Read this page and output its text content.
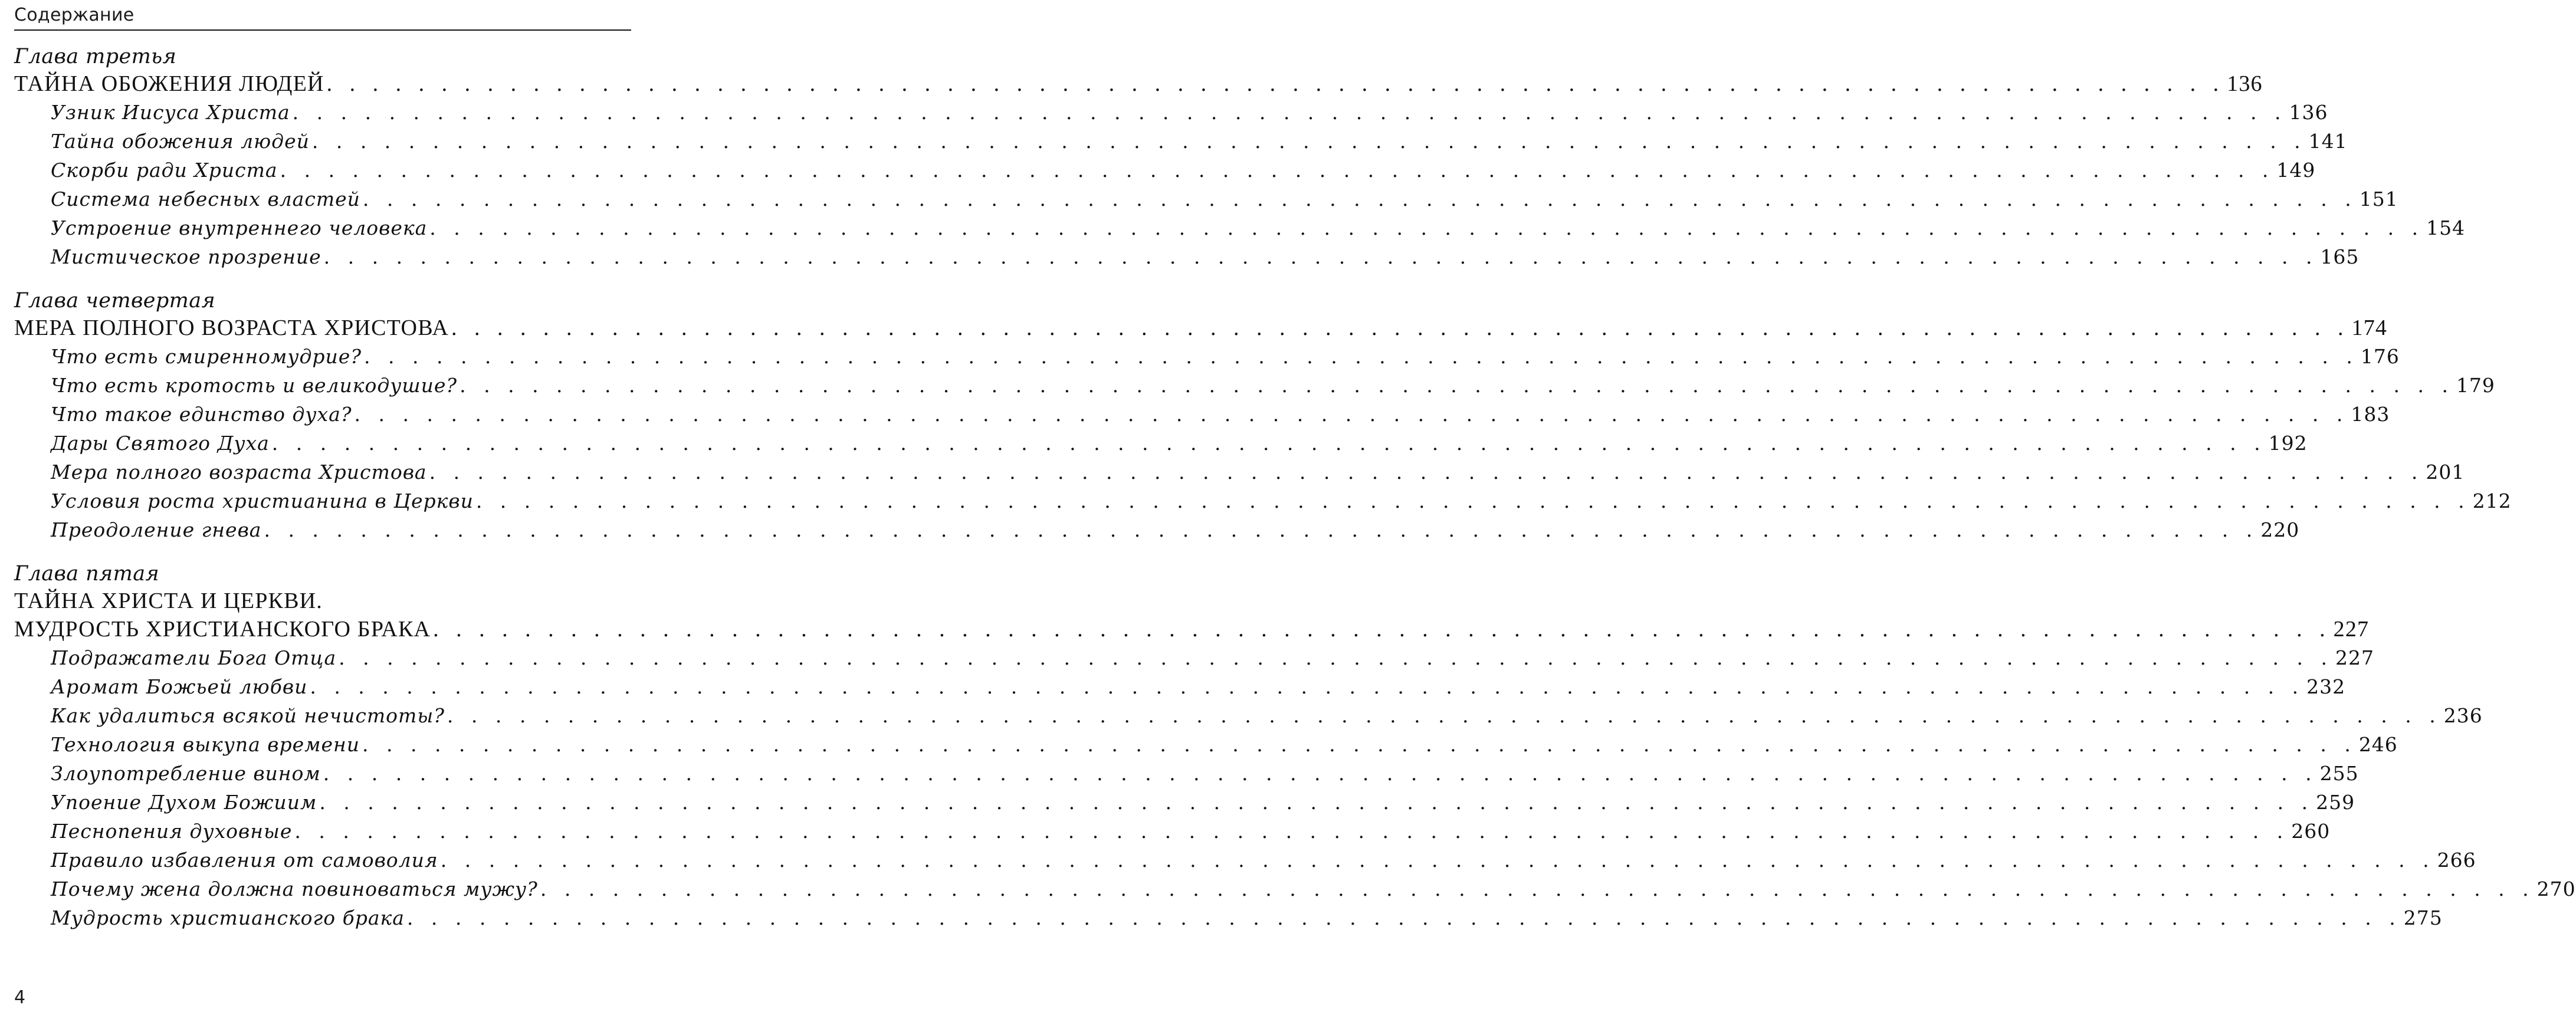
Содержание
Глава третья
ТАЙНА ОБОЖЕНИЯ ЛЮДЕЙ . . . . . . . . . . . . . . . . . . . . . . . . . . . . . . . . . . . . . . . . . . . . . . . . . . . . . . . . . . . . . . . . . . . . . . . . . . . . . . . . . . . 136
Узник Иисуса Христа . . . . . . . . . . . . . . . . . . . . . . . . . . . . . . . . . . . . . . . . . . . . . . . . . . . . . . . . . . . . . . . . . . . . . . . . . . . . . . . . . . . 136
Тайна обожения людей . . . . . . . . . . . . . . . . . . . . . . . . . . . . . . . . . . . . . . . . . . . . . . . . . . . . . . . . . . . . . . . . . . . . . . . . . . . . . . . . . . . 141
Скорби ради Христа . . . . . . . . . . . . . . . . . . . . . . . . . . . . . . . . . . . . . . . . . . . . . . . . . . . . . . . . . . . . . . . . . . . . . . . . . . . . . . . . . . . 149
Система небесных властей . . . . . . . . . . . . . . . . . . . . . . . . . . . . . . . . . . . . . . . . . . . . . . . . . . . . . . . . . . . . . . . . . . . . . . . . . . . . . . . . . . . 151
Устроение внутреннего человека . . . . . . . . . . . . . . . . . . . . . . . . . . . . . . . . . . . . . . . . . . . . . . . . . . . . . . . . . . . . . . . . . . . . . . . . . . . . . . . . . . . 154
Мистическое прозрение . . . . . . . . . . . . . . . . . . . . . . . . . . . . . . . . . . . . . . . . . . . . . . . . . . . . . . . . . . . . . . . . . . . . . . . . . . . . . . . . . . . 165
Глава четвертая
МЕРА ПОЛНОГО ВОЗРАСТА ХРИСТОВА . . . . . . . . . . . . . . . . . . . . . . . . . . . . . . . . . . . . . . . . . . . . . . . . . . . . . . . . . . . . . . . . . . . . . . . . . . . . . . . . . . . 174
Что есть смиренномудрие? . . . . . . . . . . . . . . . . . . . . . . . . . . . . . . . . . . . . . . . . . . . . . . . . . . . . . . . . . . . . . . . . . . . . . . . . . . . . . . . . . . . 176
Что есть кротость и великодушие? . . . . . . . . . . . . . . . . . . . . . . . . . . . . . . . . . . . . . . . . . . . . . . . . . . . . . . . . . . . . . . . . . . . . . . . . . . . . . . . . . . . 179
Что такое единство духа? . . . . . . . . . . . . . . . . . . . . . . . . . . . . . . . . . . . . . . . . . . . . . . . . . . . . . . . . . . . . . . . . . . . . . . . . . . . . . . . . . . . 183
Дары Святого Духа . . . . . . . . . . . . . . . . . . . . . . . . . . . . . . . . . . . . . . . . . . . . . . . . . . . . . . . . . . . . . . . . . . . . . . . . . . . . . . . . . . . 192
Мера полного возраста Христова . . . . . . . . . . . . . . . . . . . . . . . . . . . . . . . . . . . . . . . . . . . . . . . . . . . . . . . . . . . . . . . . . . . . . . . . . . . . . . . . . . . 201
Условия роста христианина в Церкви . . . . . . . . . . . . . . . . . . . . . . . . . . . . . . . . . . . . . . . . . . . . . . . . . . . . . . . . . . . . . . . . . . . . . . . . . . . . . . . . . . . 212
Преодоление гнева . . . . . . . . . . . . . . . . . . . . . . . . . . . . . . . . . . . . . . . . . . . . . . . . . . . . . . . . . . . . . . . . . . . . . . . . . . . . . . . . . . . 220
Глава пятая
ТАЙНА ХРИСТА И ЦЕРКВИ.
МУДРОСТЬ ХРИСТИАНСКОГО БРАКА . . . . . . . . . . . . . . . . . . . . . . . . . . . . . . . . . . . . . . . . . . . . . . . . . . . . . . . . . . . . . . . . . . . . . . . . . . . . . . . . . . . 227
Подражатели Бога Отца . . . . . . . . . . . . . . . . . . . . . . . . . . . . . . . . . . . . . . . . . . . . . . . . . . . . . . . . . . . . . . . . . . . . . . . . . . . . . . . . . . . 227
Аромат Божьей любви . . . . . . . . . . . . . . . . . . . . . . . . . . . . . . . . . . . . . . . . . . . . . . . . . . . . . . . . . . . . . . . . . . . . . . . . . . . . . . . . . . . 232
Как удалиться всякой нечистоты? . . . . . . . . . . . . . . . . . . . . . . . . . . . . . . . . . . . . . . . . . . . . . . . . . . . . . . . . . . . . . . . . . . . . . . . . . . . . . . . . . . . 236
Технология выкупа времени . . . . . . . . . . . . . . . . . . . . . . . . . . . . . . . . . . . . . . . . . . . . . . . . . . . . . . . . . . . . . . . . . . . . . . . . . . . . . . . . . . . 246
Злоупотребление вином . . . . . . . . . . . . . . . . . . . . . . . . . . . . . . . . . . . . . . . . . . . . . . . . . . . . . . . . . . . . . . . . . . . . . . . . . . . . . . . . . . . 255
Упоение Духом Божиим . . . . . . . . . . . . . . . . . . . . . . . . . . . . . . . . . . . . . . . . . . . . . . . . . . . . . . . . . . . . . . . . . . . . . . . . . . . . . . . . . . . 259
Песнопения духовные . . . . . . . . . . . . . . . . . . . . . . . . . . . . . . . . . . . . . . . . . . . . . . . . . . . . . . . . . . . . . . . . . . . . . . . . . . . . . . . . . . . 260
Правило избавления от самоволия . . . . . . . . . . . . . . . . . . . . . . . . . . . . . . . . . . . . . . . . . . . . . . . . . . . . . . . . . . . . . . . . . . . . . . . . . . . . . . . . . . . 266
Почему жена должна повиноваться мужу? . . . . . . . . . . . . . . . . . . . . . . . . . . . . . . . . . . . . . . . . . . . . . . . . . . . . . . . . . . . . . . . . . . . . . . . . . . . . . . . . . . . 270
Мудрость христианского брака . . . . . . . . . . . . . . . . . . . . . . . . . . . . . . . . . . . . . . . . . . . . . . . . . . . . . . . . . . . . . . . . . . . . . . . . . . . . . . . . . . . 275
4
